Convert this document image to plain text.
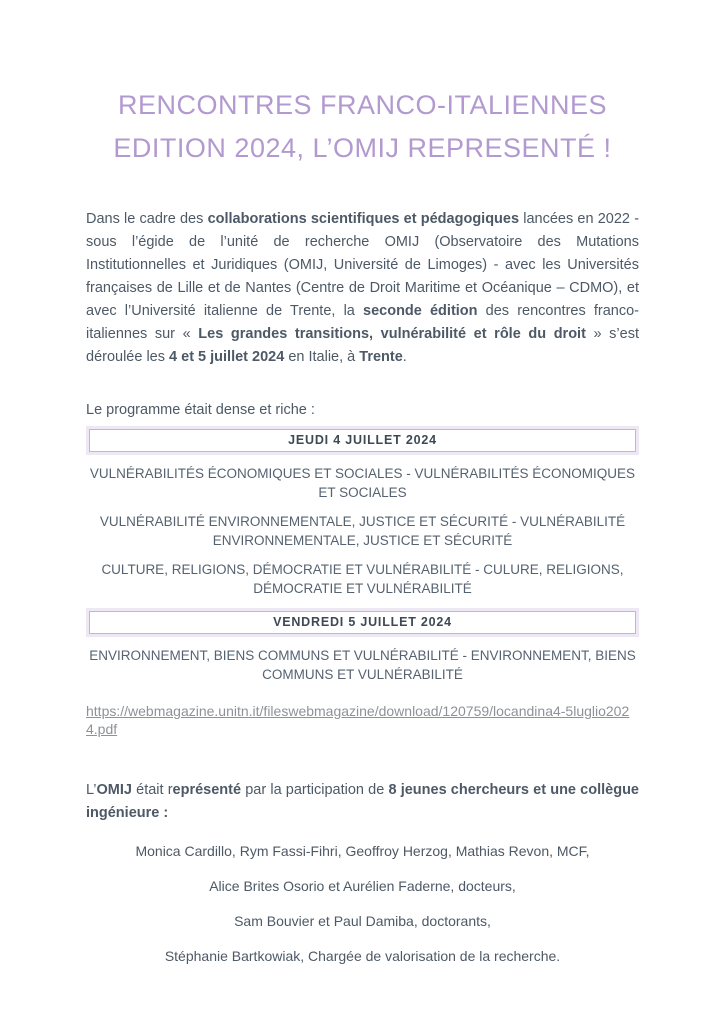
RENCONTRES FRANCO-ITALIENNES
EDITION 2024, L’OMIJ REPRESENTÉ !

Dans le cadre des collaborations scientifiques et pédagogiques lancées en 2022 - sous l’égide de l’unité de recherche OMIJ (Observatoire des Mutations Institutionnelles et Juridiques (OMIJ, Université de Limoges) - avec les Universités françaises de Lille et de Nantes (Centre de Droit Maritime et Océanique – CDMO), et avec l’Université italienne de Trente, la seconde édition des rencontres franco-italiennes sur « Les grandes transitions, vulnérabilité et rôle du droit » s’est déroulée les 4 et 5 juillet 2024 en Italie, à Trente.

Le programme était dense et riche :

JEUDI 4 JUILLET 2024

VULNÉRABILITÉS ÉCONOMIQUES ET SOCIALES - VULNÉRABILITÉS ÉCONOMIQUES ET SOCIALES

VULNÉRABILITÉ ENVIRONNEMENTALE, JUSTICE ET SÉCURITÉ - VULNÉRABILITÉ ENVIRONNEMENTALE, JUSTICE ET SÉCURITÉ

CULTURE, RELIGIONS, DÉMOCRATIE ET VULNÉRABILITÉ - CULURE, RELIGIONS, DÉMOCRATIE ET VULNÉRABILITÉ

VENDREDI 5 JUILLET 2024

ENVIRONNEMENT, BIENS COMMUNS ET VULNÉRABILITÉ - ENVIRONNEMENT, BIENS COMMUNS ET VULNÉRABILITÉ

https://webmagazine.unitn.it/fileswebmagazine/download/120759/locandina4-5luglio2024.pdf

L’OMIJ était représenté par la participation de 8 jeunes chercheurs et une collègue ingénieure :

Monica Cardillo, Rym Fassi-Fihri, Geoffroy Herzog, Mathias Revon, MCF,

Alice Brites Osorio et Aurélien Faderne, docteurs,

Sam Bouvier et Paul Damiba, doctorants,

Stéphanie Bartkowiak, Chargée de valorisation de la recherche.
